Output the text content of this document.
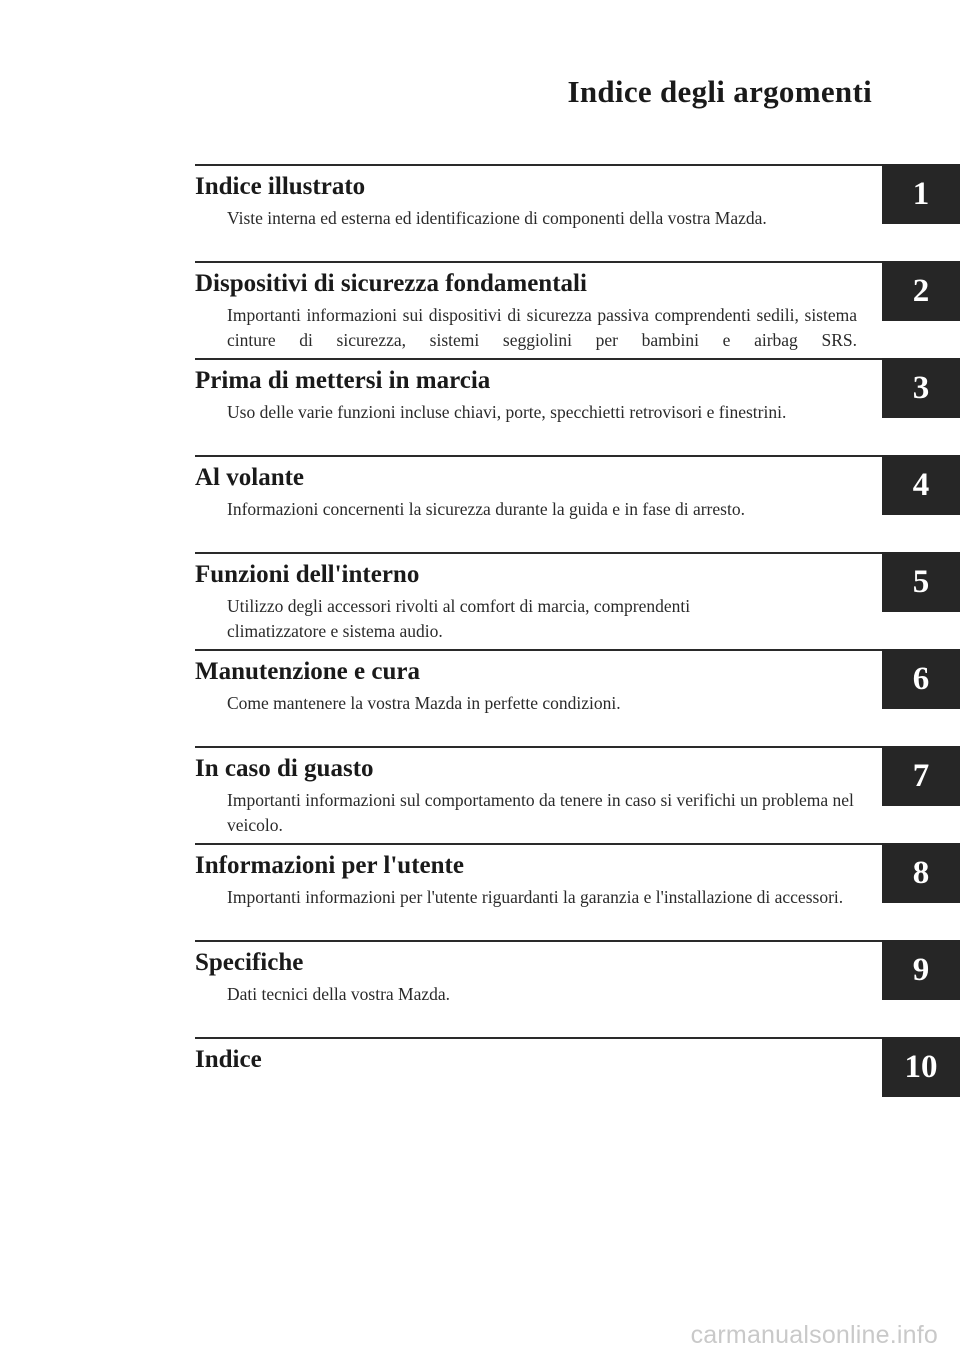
Indice degli argomenti
Indice illustrato

Viste interna ed esterna ed identificazione di componenti della vostra Mazda.

1
Dispositivi di sicurezza fondamentali

Importanti informazioni sui dispositivi di sicurezza passiva comprendenti sedili, sistema cinture di sicurezza, sistemi seggiolini per bambini e airbag SRS.

2
Prima di mettersi in marcia

Uso delle varie funzioni incluse chiavi, porte, specchietti retrovisori e finestrini.

3
Al volante

Informazioni concernenti la sicurezza durante la guida e in fase di arresto.

4
Funzioni dell'interno

Utilizzo degli accessori rivolti al comfort di marcia, comprendenti climatizzatore e sistema audio.

5
Manutenzione e cura

Come mantenere la vostra Mazda in perfette condizioni.

6
In caso di guasto

Importanti informazioni sul comportamento da tenere in caso si verifichi un problema nel veicolo.

7
Informazioni per l'utente

Importanti informazioni per l'utente riguardanti la garanzia e l'installazione di accessori.

8
Specifiche

Dati tecnici della vostra Mazda.

9
Indice	10
carmanualsonline.info
